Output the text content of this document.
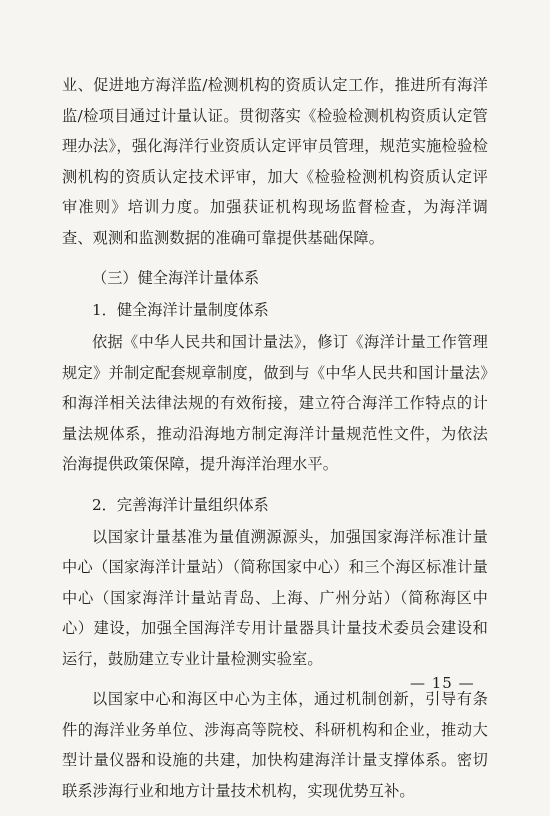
业、促进地方海洋监/检测机构的资质认定工作，推进所有海洋监/检项目通过计量认证。贯彻落实《检验检测机构资质认定管理办法》，强化海洋行业资质认定评审员管理，规范实施检验检测机构的资质认定技术评审，加大《检验检测机构资质认定评审准则》培训力度。加强获证机构现场监督检查，为海洋调查、观测和监测数据的准确可靠提供基础保障。

（三）健全海洋计量体系

1．健全海洋计量制度体系

依据《中华人民共和国计量法》，修订《海洋计量工作管理规定》并制定配套规章制度，做到与《中华人民共和国计量法》和海洋相关法律法规的有效衔接，建立符合海洋工作特点的计量法规体系，推动沿海地方制定海洋计量规范性文件，为依法治海提供政策保障，提升海洋治理水平。

2．完善海洋计量组织体系

以国家计量基准为量值溯源源头，加强国家海洋标准计量中心（国家海洋计量站）（简称国家中心）和三个海区标准计量中心（国家海洋计量站青岛、上海、广州分站）（简称海区中心）建设，加强全国海洋专用计量器具计量技术委员会建设和运行，鼓励建立专业计量检测实验室。

以国家中心和海区中心为主体，通过机制创新，引导有条件的海洋业务单位、涉海高等院校、科研机构和企业，推动大型计量仪器和设施的共建，加快构建海洋计量支撑体系。密切联系涉海行业和地方计量技术机构，实现优势互补。

— 15 —
